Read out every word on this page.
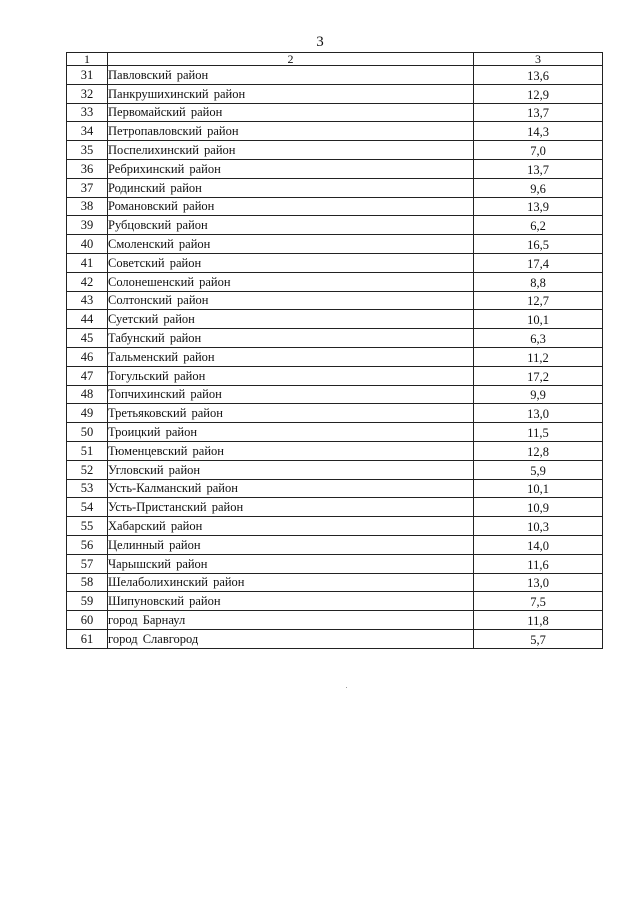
3
1	2	3
31	Павловский район	13,6
32	Панкрушихинский район	12,9
33	Первомайский район	13,7
34	Петропавловский район	14,3
35	Поспелихинский район	7,0
36	Ребрихинский район	13,7
37	Родинский район	9,6
38	Романовский район	13,9
39	Рубцовский район	6,2
40	Смоленский район	16,5
41	Советский район	17,4
42	Солонешенский район	8,8
43	Солтонский район	12,7
44	Суетский район	10,1
45	Табунский район	6,3
46	Тальменский район	11,2
47	Тогульский район	17,2
48	Топчихинский район	9,9
49	Третьяковский район	13,0
50	Троицкий район	11,5
51	Тюменцевский район	12,8
52	Угловский район	5,9
53	Усть-Калманский район	10,1
54	Усть-Пристанский район	10,9
55	Хабарский район	10,3
56	Целинный район	14,0
57	Чарышский район	11,6
58	Шелаболихинский район	13,0
59	Шипуновский район	7,5
60	город Барнаул	11,8
61	город Славгород	5,7
